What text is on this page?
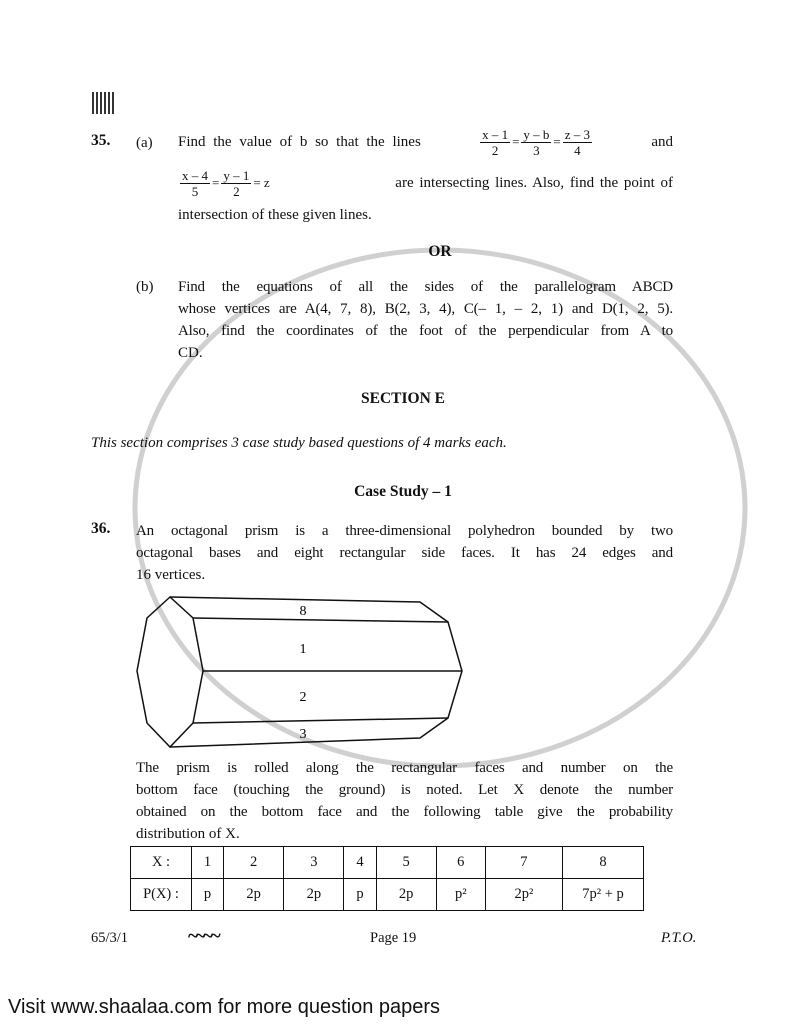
35. (a) Find the value of b so that the lines	$\frac{x - 1}{2} = \frac{y - b}{3} = \frac{z - 3}{4}$	and
$\frac{x - 4}{5} = \frac{y - 1}{2} = z$	are intersecting lines. Also, find the point of
intersection of these given lines.
OR
(b) Find the equations of all the sides of the parallelogram ABCD
whose vertices are A(4, 7, 8), B(2, 3, 4), C(– 1, – 2, 1) and D(1, 2, 5).
Also, find the coordinates of the foot of the perpendicular from A to
CD.
SECTION E
This section comprises 3 case study based questions of 4 marks each.
Case Study – 1
36. An octagonal prism is a three-dimensional polyhedron bounded by two
octagonal bases and eight rectangular side faces. It has 24 edges and
16 vertices.
8
1
2
3
The prism is rolled along the rectangular faces and number on the
bottom face (touching the ground) is noted. Let X denote the number
obtained on the bottom face and the following table give the probability
distribution of X.
X :	1	2	3	4	5	6	7	8
P(X) :	p	2p	2p	p	2p	p²	2p²	7p² + p
65/3/1	~~~~	Page 19	P.T.O.
Visit www.shaalaa.com for more question papers
